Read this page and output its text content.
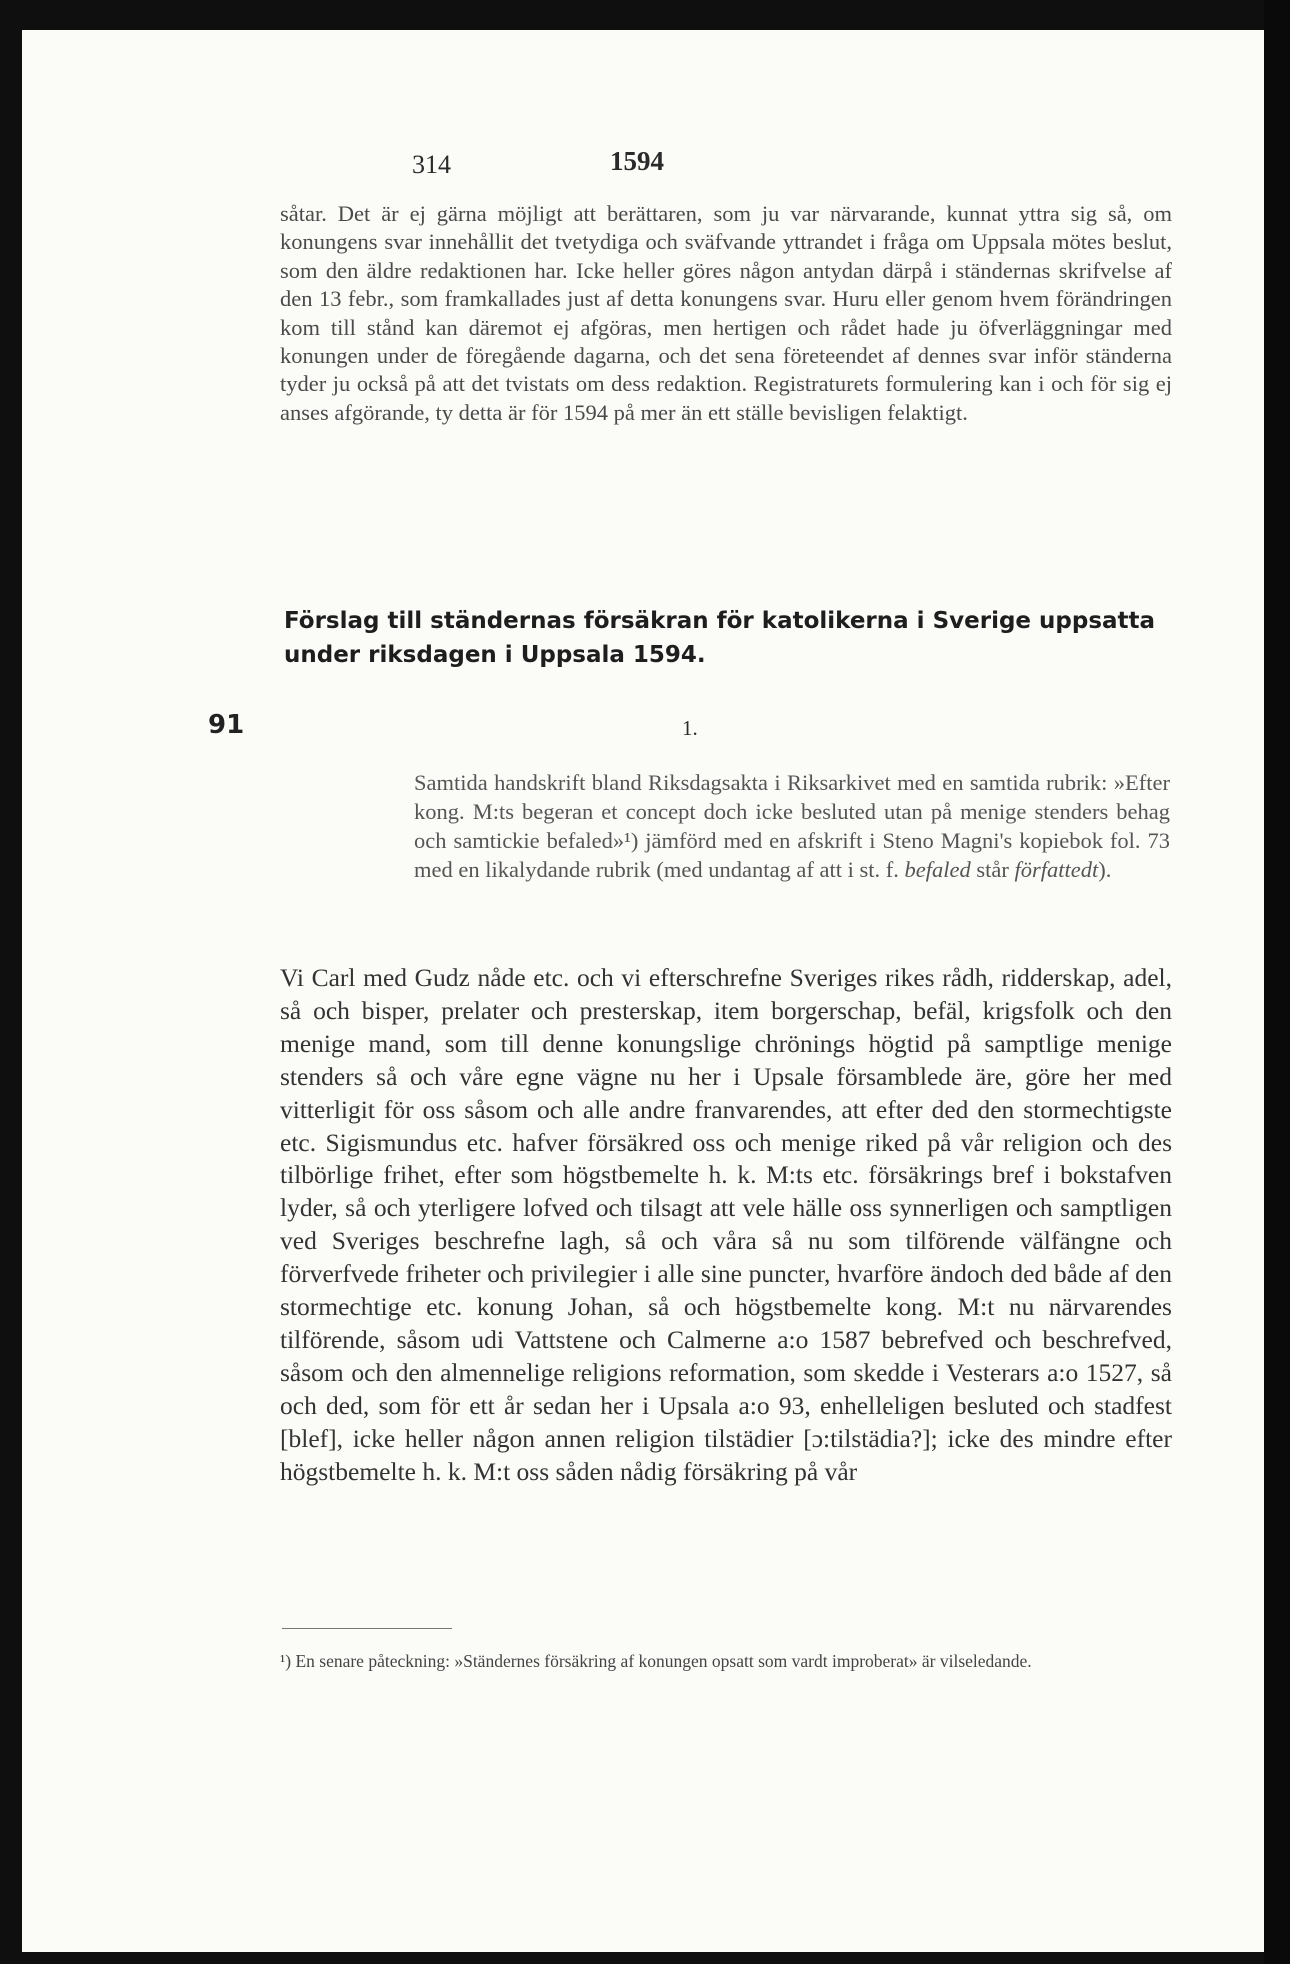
314	1594
såtar. Det är ej gärna möjligt att berättaren, som ju var närvarande, kunnat yttra sig så, om konungens svar innehållit det tvetydiga och sväfvande yttrandet i fråga om Uppsala mötes beslut, som den äldre redaktionen har. Icke heller göres någon antydan därpå i ständernas skrifvelse af den 13 febr., som framkallades just af detta konungens svar. Huru eller genom hvem förändringen kom till stånd kan däremot ej afgöras, men hertigen och rådet hade ju öfverläggningar med konungen under de föregående dagarna, och det sena företeendet af dennes svar inför ständerna tyder ju också på att det tvistats om dess redaktion. Registraturets formulering kan i och för sig ej anses afgörande, ty detta är för 1594 på mer än ett ställe bevisligen felaktigt.
Förslag till ständernas försäkran för katolikerna i Sverige uppsatta under riksdagen i Uppsala 1594.
91	1.
Samtida handskrift bland Riksdagsakta i Riksarkivet med en samtida rubrik: »Efter kong. M:ts begeran et concept doch icke besluted utan på menige stenders behag och samtickie befaled»¹) jämförd med en afskrift i Steno Magni's kopiebok fol. 73 med en likalydande rubrik (med undantag af att i st. f. befaled står författedt).
Vi Carl med Gudz nåde etc. och vi efterschrefne Sveriges rikes rådh, ridderskap, adel, så och bisper, prelater och presterskap, item borgerschap, befäl, krigsfolk och den menige mand, som till denne konungslige chrönings högtid på samptlige menige stenders så och våre egne vägne nu her i Upsale församblede äre, göre her med vitterligit för oss såsom och alle andre franvarendes, att efter ded den stormechtigste etc. Sigismundus etc. hafver försäkred oss och menige riked på vår religion och des tilbörlige frihet, efter som högstbemelte h. k. M:ts etc. försäkrings bref i bokstafven lyder, så och yterligere lofved och tilsagt att vele hälle oss synnerligen och samptligen ved Sveriges beschrefne lagh, så och våra så nu som tilförende välfängne och förverfvede friheter och privilegier i alle sine puncter, hvarföre ändoch ded både af den stormechtige etc. konung Johan, så och högstbemelte kong. M:t nu närvarendes tilförende, såsom udi Vattstene och Calmerne a:o 1587 bebrefved och beschrefved, såsom och den almennelige religions reformation, som skedde i Vesterars a:o 1527, så och ded, som för ett år sedan her i Upsala a:o 93, enhelleligen besluted och stadfest [blef], icke heller någon annen religion tilstädier [ɔ:tilstädia?]; icke des mindre efter högstbemelte h. k. M:t oss såden nådig försäkring på vår
¹) En senare påteckning: »Ständernes försäkring af konungen opsatt som vardt improberat» är vilseledande.
